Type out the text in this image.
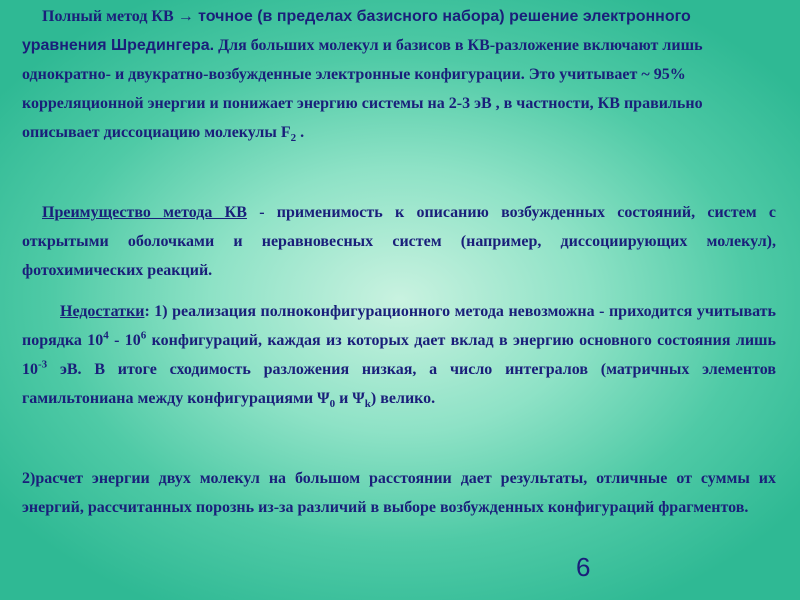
Полный метод КВ → точное (в пределах базисного набора) решение электронного уравнения Шредингера. Для больших молекул и базисов в КВ-разложение включают лишь однократно- и двукратно-возбужденные электронные конфигурации. Это учитывает ~ 95% корреляционной энергии и понижает энергию системы на 2-3 эВ , в частности, КВ правильно описывает диссоциацию молекулы $F_2$ .

Преимущество метода КВ - применимость к описанию возбужденных состояний, систем с открытыми оболочками и неравновесных систем (например, диссоциирующих молекул), фотохимических реакций.

Недостатки: 1) реализация полноконфигурационного метода невозможна - приходится учитывать порядка $10^4 - 10^6$ конфигураций, каждая из которых дает вклад в энергию основного состояния лишь $10^{-3}$ эВ. В итоге сходимость разложения низкая, а число интегралов (матричных элементов гамильтониана между конфигурациями $\Psi_0$ и $\Psi_k$) велико.

2)расчет энергии двух молекул на большом расстоянии дает результаты, отличные от суммы их энергий, рассчитанных порознь из-за различий в выборе возбужденных конфигураций фрагментов.

6
